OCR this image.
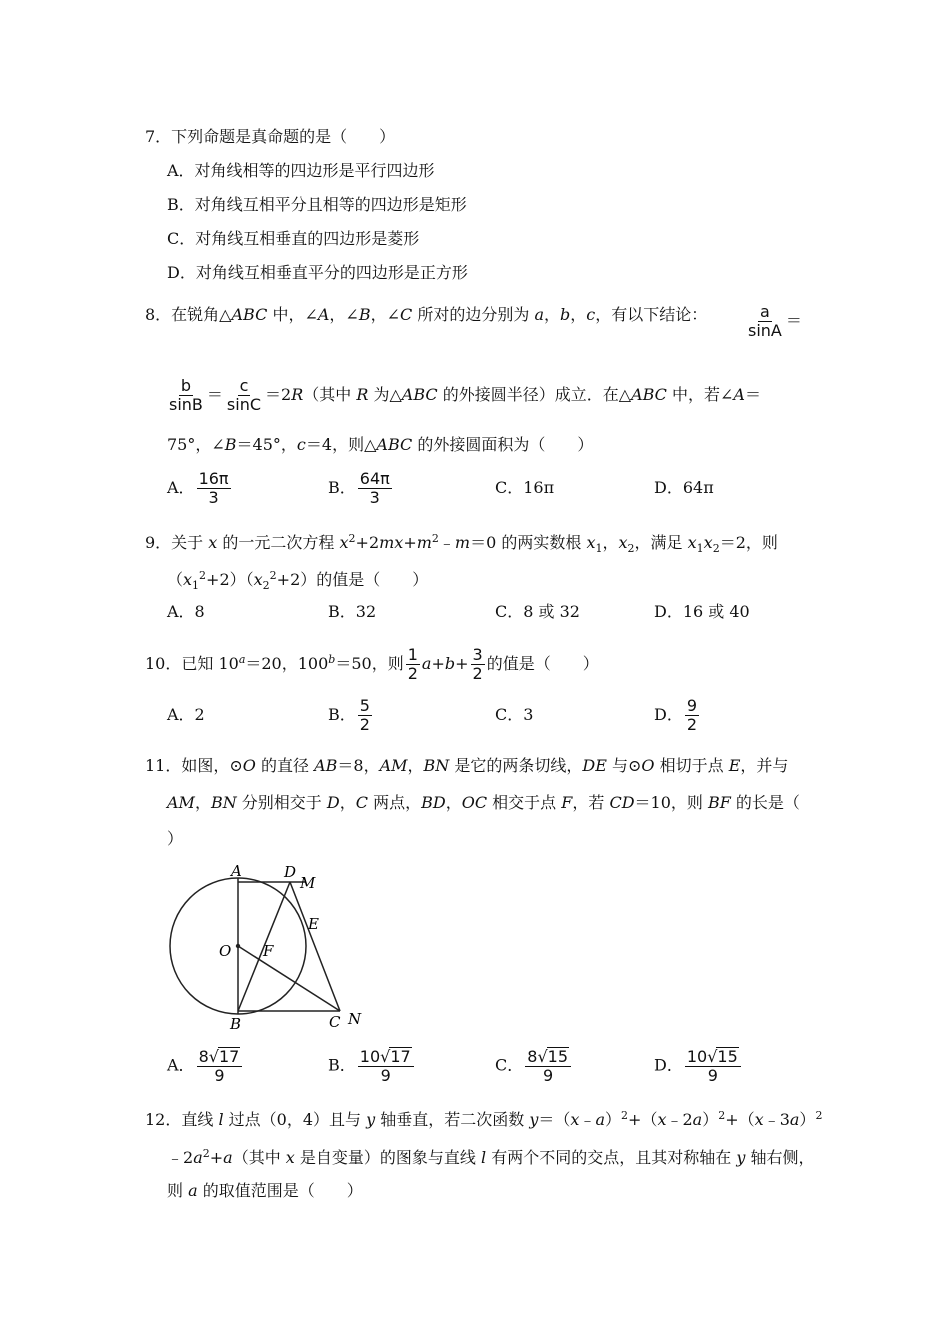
7．下列命题是真命题的是（　　）
A．对角线相等的四边形是平行四边形
B．对角线互相平分且相等的四边形是矩形
C．对角线互相垂直的四边形是菱形
D．对角线互相垂直平分的四边形是正方形
8．在锐角△ABC 中，∠A，∠B，∠C 所对的边分别为 a，b，c，有以下结论： $\frac{a}{\sin A}$ ＝
$\frac{b}{\sin B} = \frac{c}{\sin C} =2R$（其中 R 为△ABC 的外接圆半径）成立．在△ABC 中，若∠A＝
75°，∠B＝45°，c＝4，则△ABC 的外接圆面积为（　　）
A． $\frac{16\pi}{3}$	B． $\frac{64\pi}{3}$	C．16π	D．64π
9．关于 x 的一元二次方程 $x^2+2mx+m^2﹣m=0$ 的两实数根 $x_1$，$x_2$，满足 $x_1x_2=2$，则
$(x_1^2+2)(x_2^2+2)$的值是（　　）
A．8	B．32	C．8 或 32	D．16 或 40
10．已知 $10^a=20$，$100^b=50$，则 $\frac{1}{2} a+b+ \frac{3}{2}$ 的值是（　　）
A．2	B． $\frac{5}{2}$	C．3	D． $\frac{9}{2}$
11．如图，⊙O 的直径 AB＝8，AM，BN 是它的两条切线，DE 与⊙O 相切于点 E，并与
AM，BN 分别相交于 D，C 两点，BD，OC 相交于点 F，若 CD＝10，则 BF 的长是（
）
A	D
M
E
O F
B	C N
A． $\frac{8√17}{9}$	B． $\frac{10√17}{9}$	C． $\frac{8√15}{9}$	D． $\frac{10√15}{9}$
12．直线 l 过点（0，4）且与 y 轴垂直，若二次函数 y＝（x﹣a）$^2$+（x﹣2a）$^2$+（x﹣3a）$^2$
$﹣2a^2+a$（其中 x 是自变量）的图象与直线 l 有两个不同的交点，且其对称轴在 y 轴右侧，
则 a 的取值范围是（　　）
